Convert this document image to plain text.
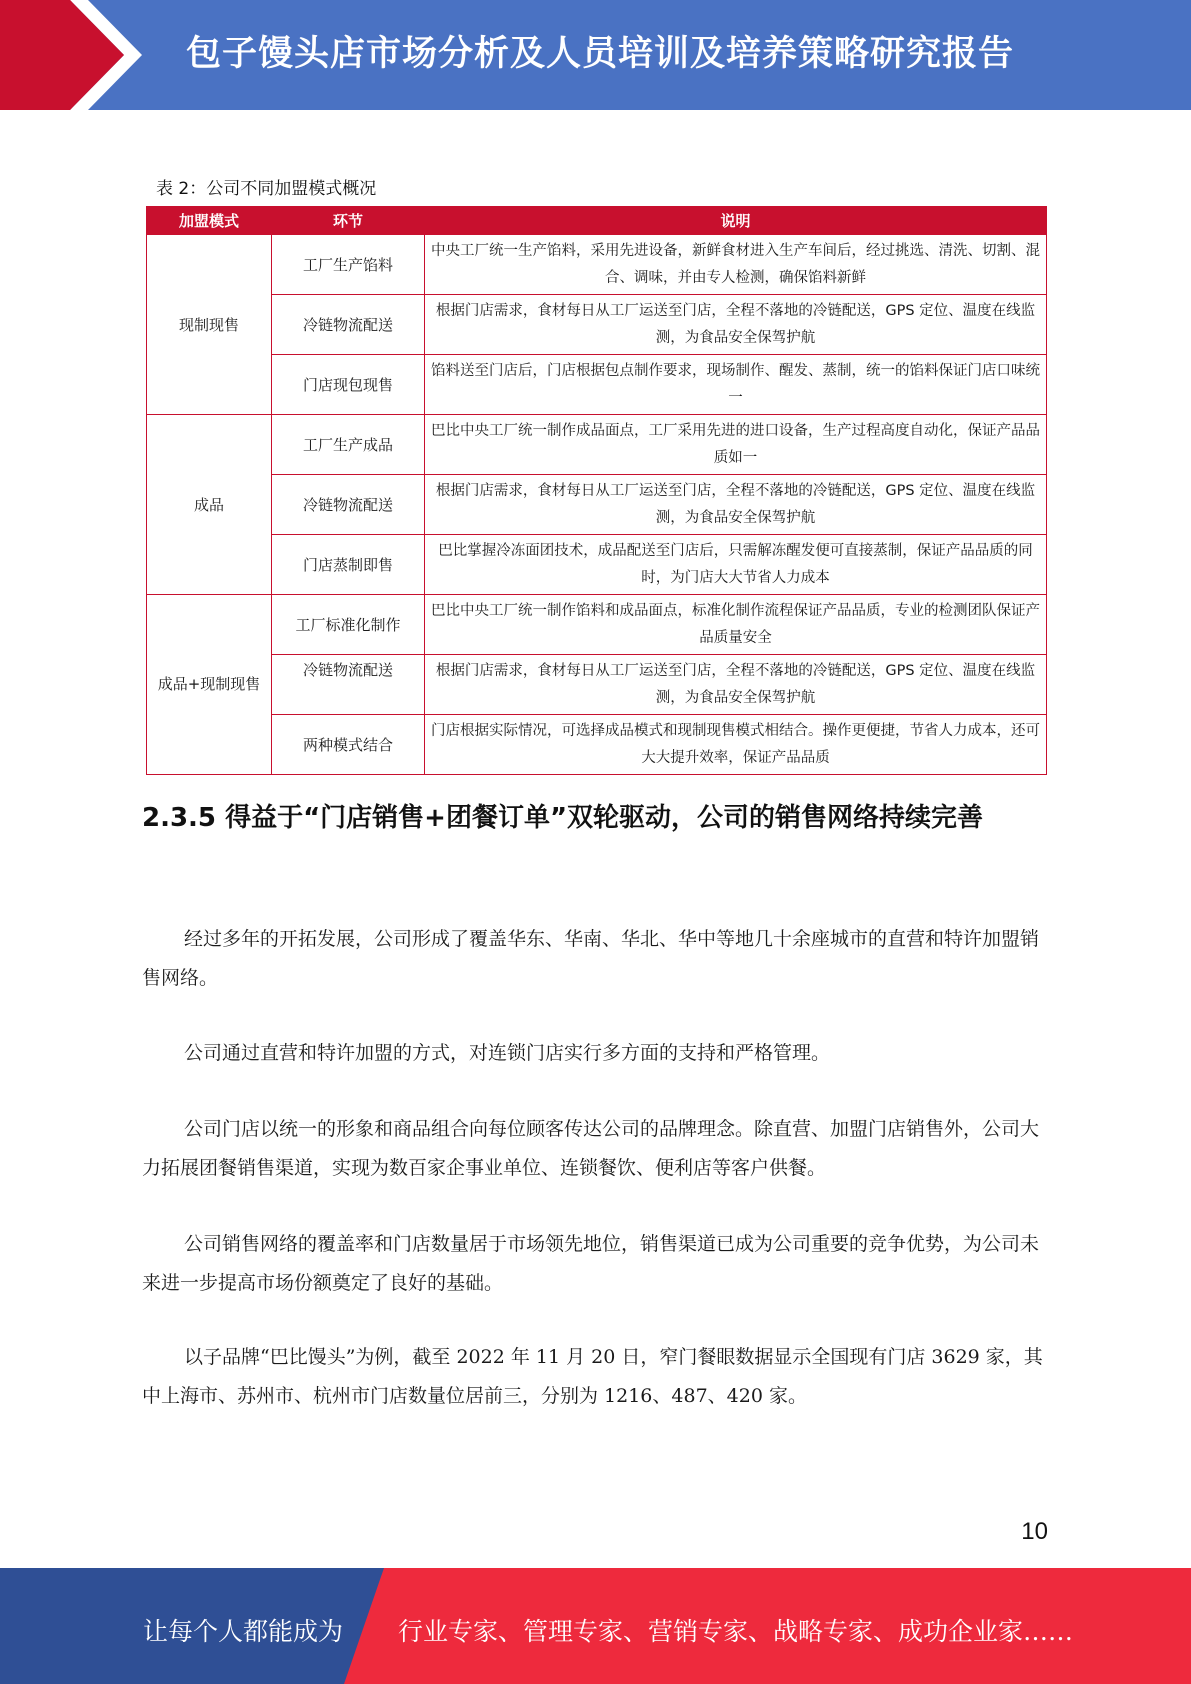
包子馒头店市场分析及人员培训及培养策略研究报告
表 2：公司不同加盟模式概况
加盟模式	环节	说明
现制现售	工厂生产馅料	中央工厂统一生产馅料，采用先进设备，新鲜食材进入生产车间后，经过挑选、清洗、切割、混合、调味，并由专人检测，确保馅料新鲜
	冷链物流配送	根据门店需求，食材每日从工厂运送至门店，全程不落地的冷链配送，GPS 定位、温度在线监测，为食品安全保驾护航
	门店现包现售	馅料送至门店后，门店根据包点制作要求，现场制作、醒发、蒸制，统一的馅料保证门店口味统一
成品	工厂生产成品	巴比中央工厂统一制作成品面点，工厂采用先进的进口设备，生产过程高度自动化，保证产品品质如一
	冷链物流配送	根据门店需求，食材每日从工厂运送至门店，全程不落地的冷链配送，GPS 定位、温度在线监测，为食品安全保驾护航
	门店蒸制即售	巴比掌握冷冻面团技术，成品配送至门店后，只需解冻醒发便可直接蒸制，保证产品品质的同时，为门店大大节省人力成本
成品+现制现售	工厂标准化制作	巴比中央工厂统一制作馅料和成品面点，标准化制作流程保证产品品质，专业的检测团队保证产品质量安全
	冷链物流配送	根据门店需求，食材每日从工厂运送至门店，全程不落地的冷链配送，GPS 定位、温度在线监测，为食品安全保驾护航
	两种模式结合	门店根据实际情况，可选择成品模式和现制现售模式相结合。操作更便捷，节省人力成本，还可大大提升效率，保证产品品质
2.3.5 得益于“门店销售+团餐订单”双轮驱动，公司的销售网络持续完善

经过多年的开拓发展，公司形成了覆盖华东、华南、华北、华中等地几十余座城市的直营和特许加盟销售网络。

公司通过直营和特许加盟的方式，对连锁门店实行多方面的支持和严格管理。

公司门店以统一的形象和商品组合向每位顾客传达公司的品牌理念。除直营、加盟门店销售外，公司大力拓展团餐销售渠道，实现为数百家企事业单位、连锁餐饮、便利店等客户供餐。

公司销售网络的覆盖率和门店数量居于市场领先地位，销售渠道已成为公司重要的竞争优势，为公司未来进一步提高市场份额奠定了良好的基础。

以子品牌“巴比馒头”为例，截至 2022 年 11 月 20 日，窄门餐眼数据显示全国现有门店 3629 家，其中上海市、苏州市、杭州市门店数量位居前三，分别为 1216、487、420 家。

10
让每个人都能成为 行业专家、管理专家、营销专家、战略专家、成功企业家……
